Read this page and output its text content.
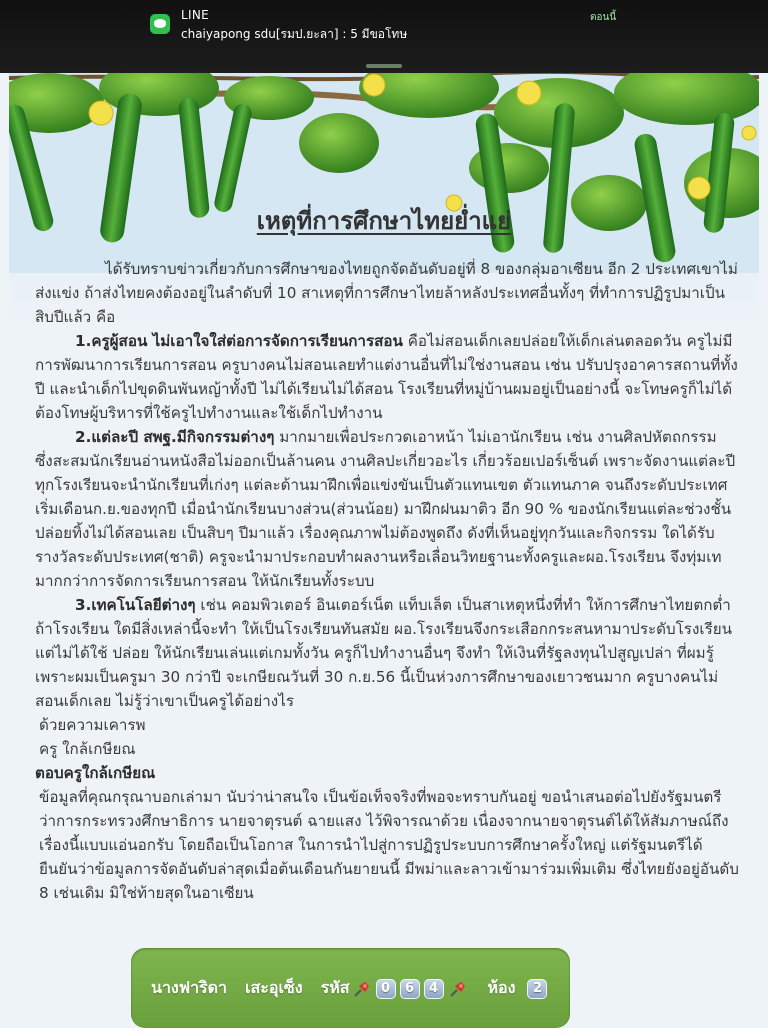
LINE
chaiyapong sdu[รมป.ยะลา] : 5 มีขอโทษ
ตอนนี้
เหตุที่การศึกษาไทยย่ำแย่

ได้รับทราบข่าวเกี่ยวกับการศึกษาของไทยถูกจัดอันดับอยู่ที่ 8 ของกลุ่มอาเซียน อีก 2 ประเทศเขาไม่ส่งแข่ง ถ้าส่งไทยคงต้องอยู่ในลำดับที่ 10 สาเหตุที่การศึกษาไทยล้าหลังประเทศอื่นทั้งๆ ที่ทำการปฏิรูปมาเป็นสิบปีแล้ว คือ

1.ครูผู้สอน ไม่เอาใจใส่ต่อการจัดการเรียนการสอน คือไม่สอนเด็กเลยปล่อยให้เด็กเล่นตลอดวัน ครูไม่มีการพัฒนาการเรียนการสอน ครูบางคนไม่สอนเลยทำแต่งานอื่นที่ไม่ใช่งานสอน เช่น ปรับปรุงอาคารสถานที่ทั้งปี และนำเด็กไปขุดดินพันหญ้าทั้งปี ไม่ได้เรียนไม่ได้สอน โรงเรียนที่หมู่บ้านผมอยู่เป็นอย่างนี้ จะโทษครูก็ไม่ได้ต้องโทษผู้บริหารที่ใช้ครูไปทำงานและใช้เด็กไปทำงาน

2.แต่ละปี สพฐ.มีกิจกรรมต่างๆ มากมายเพื่อประกวดเอาหน้า ไม่เอานักเรียน เช่น งานศิลปหัตถกรรม ซึ่งสะสมนักเรียนอ่านหนังสือไม่ออกเป็นล้านคน งานศิลปะเกี่ยวอะไร เกี่ยวร้อยเปอร์เซ็นต์ เพราะจัดงานแต่ละปีทุกโรงเรียนจะนำนักเรียนที่เก่งๆ แต่ละด้านมาฝึกเพื่อแข่งขันเป็นตัวแทนเขต ตัวแทนภาค จนถึงระดับประเทศเริ่มเดือนก.ย.ของทุกปี เมื่อนำนักเรียนบางส่วน(ส่วนน้อย) มาฝึกฝนมาติว อีก 90 % ของนักเรียนแต่ละช่วงชั้นปล่อยทิ้งไม่ได้สอนเลย เป็นสิบๆ ปีมาแล้ว เรื่องคุณภาพไม่ต้องพูดถึง ดังที่เห็นอยู่ทุกวันและกิจกรรม ใดได้รับรางวัลระดับประเทศ(ชาติ) ครูจะนำมาประกอบทำผลงานหรือเลื่อนวิทยฐานะทั้งครูและผอ.โรงเรียน จึงทุ่มเทมากกว่าการจัดการเรียนการสอน ให้นักเรียนทั้งระบบ

3.เทคโนโลยีต่างๆ เช่น คอมพิวเตอร์ อินเตอร์เน็ต แท็บเล็ต เป็นสาเหตุหนึ่งที่ทำ ให้การศึกษาไทยตกต่ำ ถ้าโรงเรียน ใดมีสิ่งเหล่านี้จะทำ ให้เป็นโรงเรียนทันสมัย ผอ.โรงเรียนจึงกระเสือกกระสนหามาประดับโรงเรียน แต่ไม่ได้ใช้ ปล่อย ให้นักเรียนเล่นแต่เกมทั้งวัน ครูก็ไปทำงานอื่นๆ จึงทำ ให้เงินที่รัฐลงทุนไปสูญเปล่า ที่ผมรู้เพราะผมเป็นครูมา 30 กว่าปี จะเกษียณวันที่ 30 ก.ย.56 นี้เป็นห่วงการศึกษาของเยาวชนมาก ครูบางคนไม่สอนเด็กเลย ไม่รู้ว่าเขาเป็นครูได้อย่างไร

ด้วยความเคารพ

ครู ใกล้เกษียณ

ตอบครูใกล้เกษียณ

ข้อมูลที่คุณกรุณาบอกเล่ามา นับว่าน่าสนใจ เป็นข้อเท็จจริงที่พอจะทราบกันอยู่ ขอนำเสนอต่อไปยังรัฐมนตรีว่าการกระทรวงศึกษาธิการ นายจาตุรนต์ ฉายแสง ไว้พิจารณาด้วย เนื่องจากนายจาตุรนต์ได้ให้สัมภาษณ์ถึงเรื่องนี้แบบแอ่นอกรับ โดยถือเป็นโอกาส ในการนำไปสู่การปฏิรูประบบการศึกษาครั้งใหญ่ แต่รัฐมนตรีได้ยืนยันว่าข้อมูลการจัดอันดับล่าสุดเมื่อต้นเดือนกันยายนนี้ มีพม่าและลาวเข้ามาร่วมเพิ่มเติม ซึ่งไทยยังอยู่อันดับ 8 เช่นเดิม มิใช่ท้ายสุดในอาเซียน

นางฟาริดา เสะอุเซ็ง รหัส	0	6	4	ห้อง	2
